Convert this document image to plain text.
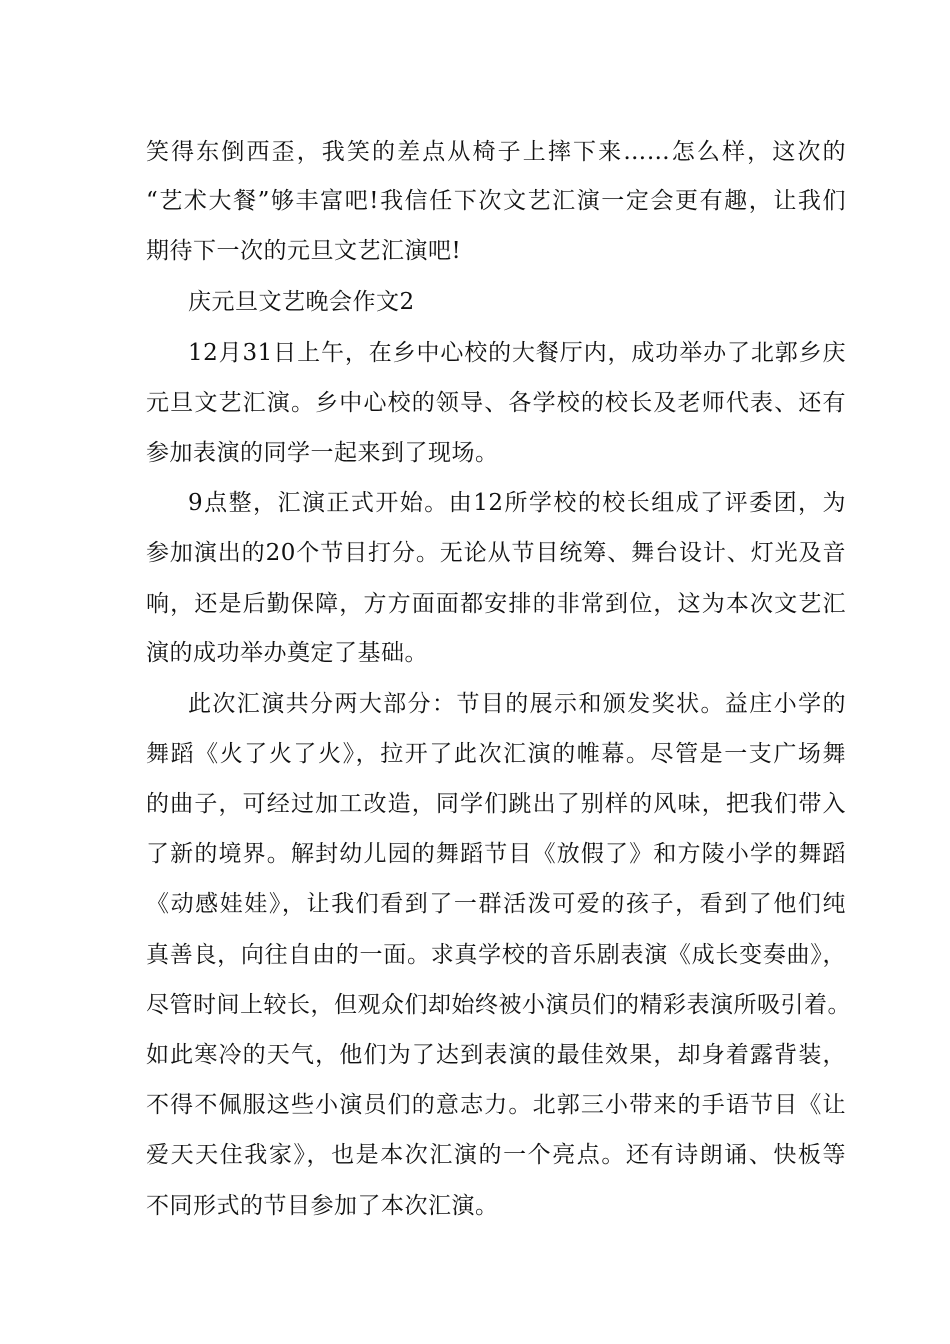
笑得东倒西歪，我笑的差点从椅子上摔下来……怎么样，这次的
“艺术大餐”够丰富吧!我信任下次文艺汇演一定会更有趣，让我们
期待下一次的元旦文艺汇演吧!
庆元旦文艺晚会作文2
12月31日上午，在乡中心校的大餐厅内，成功举办了北郭乡庆
元旦文艺汇演。乡中心校的领导、各学校的校长及老师代表、还有
参加表演的同学一起来到了现场。
9点整，汇演正式开始。由12所学校的校长组成了评委团，为
参加演出的20个节目打分。无论从节目统筹、舞台设计、灯光及音
响，还是后勤保障，方方面面都安排的非常到位，这为本次文艺汇
演的成功举办奠定了基础。
此次汇演共分两大部分：节目的展示和颁发奖状。益庄小学的
舞蹈《火了火了火》，拉开了此次汇演的帷幕。尽管是一支广场舞
的曲子，可经过加工改造，同学们跳出了别样的风味，把我们带入
了新的境界。解封幼儿园的舞蹈节目《放假了》和方陵小学的舞蹈
《动感娃娃》，让我们看到了一群活泼可爱的孩子，看到了他们纯
真善良，向往自由的一面。求真学校的音乐剧表演《成长变奏曲》，
尽管时间上较长，但观众们却始终被小演员们的精彩表演所吸引着。
如此寒冷的天气，他们为了达到表演的最佳效果，却身着露背装，
不得不佩服这些小演员们的意志力。北郭三小带来的手语节目《让
爱天天住我家》，也是本次汇演的一个亮点。还有诗朗诵、快板等
不同形式的节目参加了本次汇演。
